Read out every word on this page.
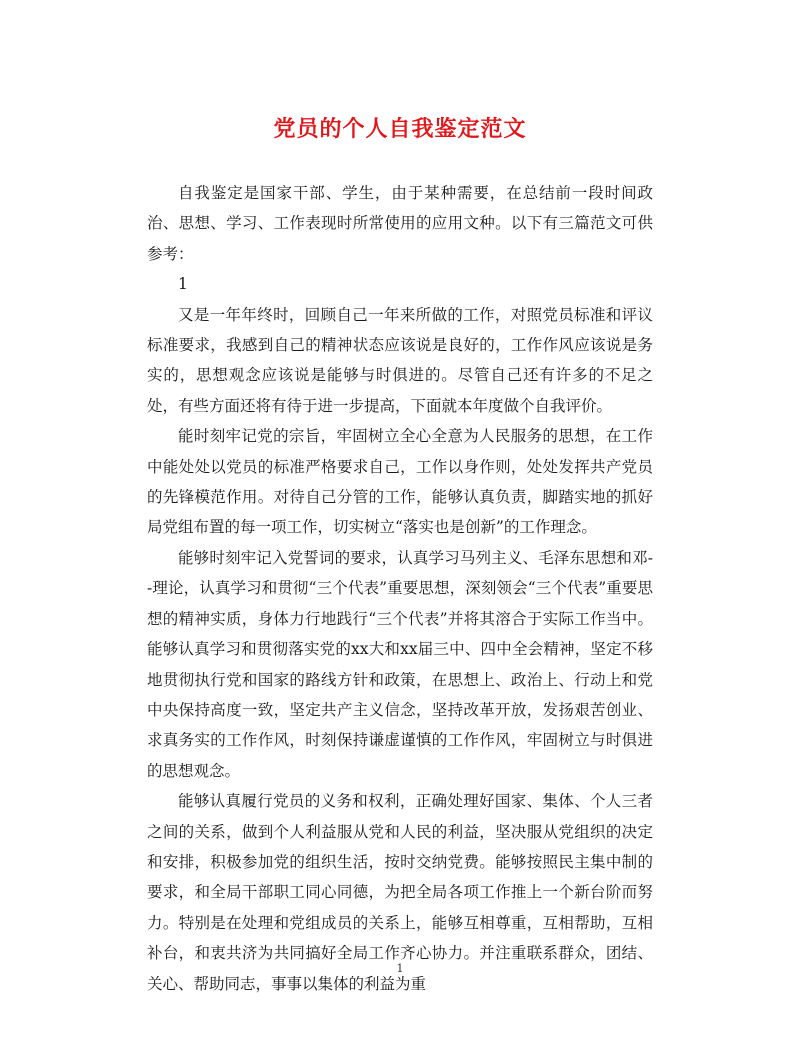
党员的个人自我鉴定范文

自我鉴定是国家干部、学生，由于某种需要，在总结前一段时间政治、思想、学习、工作表现时所常使用的应用文种。以下有三篇范文可供参考：

1

又是一年年终时，回顾自己一年来所做的工作，对照党员标准和评议标准要求，我感到自己的精神状态应该说是良好的，工作作风应该说是务实的，思想观念应该说是能够与时俱进的。尽管自己还有许多的不足之处，有些方面还将有待于进一步提高，下面就本年度做个自我评价。

能时刻牢记党的宗旨，牢固树立全心全意为人民服务的思想，在工作中能处处以党员的标准严格要求自己，工作以身作则，处处发挥共产党员的先锋模范作用。对待自己分管的工作，能够认真负责，脚踏实地的抓好局党组布置的每一项工作，切实树立“落实也是创新”的工作理念。

能够时刻牢记入党誓词的要求，认真学习马列主义、毛泽东思想和邓--理论，认真学习和贯彻“三个代表”重要思想，深刻领会“三个代表”重要思想的精神实质，身体力行地践行“三个代表”并将其溶合于实际工作当中。能够认真学习和贯彻落实党的xx大和xx届三中、四中全会精神，坚定不移地贯彻执行党和国家的路线方针和政策，在思想上、政治上、行动上和党中央保持高度一致，坚定共产主义信念，坚持改革开放，发扬艰苦创业、求真务实的工作作风，时刻保持谦虚谨慎的工作作风，牢固树立与时俱进的思想观念。

能够认真履行党员的义务和权利，正确处理好国家、集体、个人三者之间的关系，做到个人利益服从党和人民的利益，坚决服从党组织的决定和安排，积极参加党的组织生活，按时交纳党费。能够按照民主集中制的要求，和全局干部职工同心同德，为把全局各项工作推上一个新台阶而努力。特别是在处理和党组成员的关系上，能够互相尊重，互相帮助，互相补台，和衷共济为共同搞好全局工作齐心协力。并注重联系群众，团结、关心、帮助同志，事事以集体的利益为重

1
